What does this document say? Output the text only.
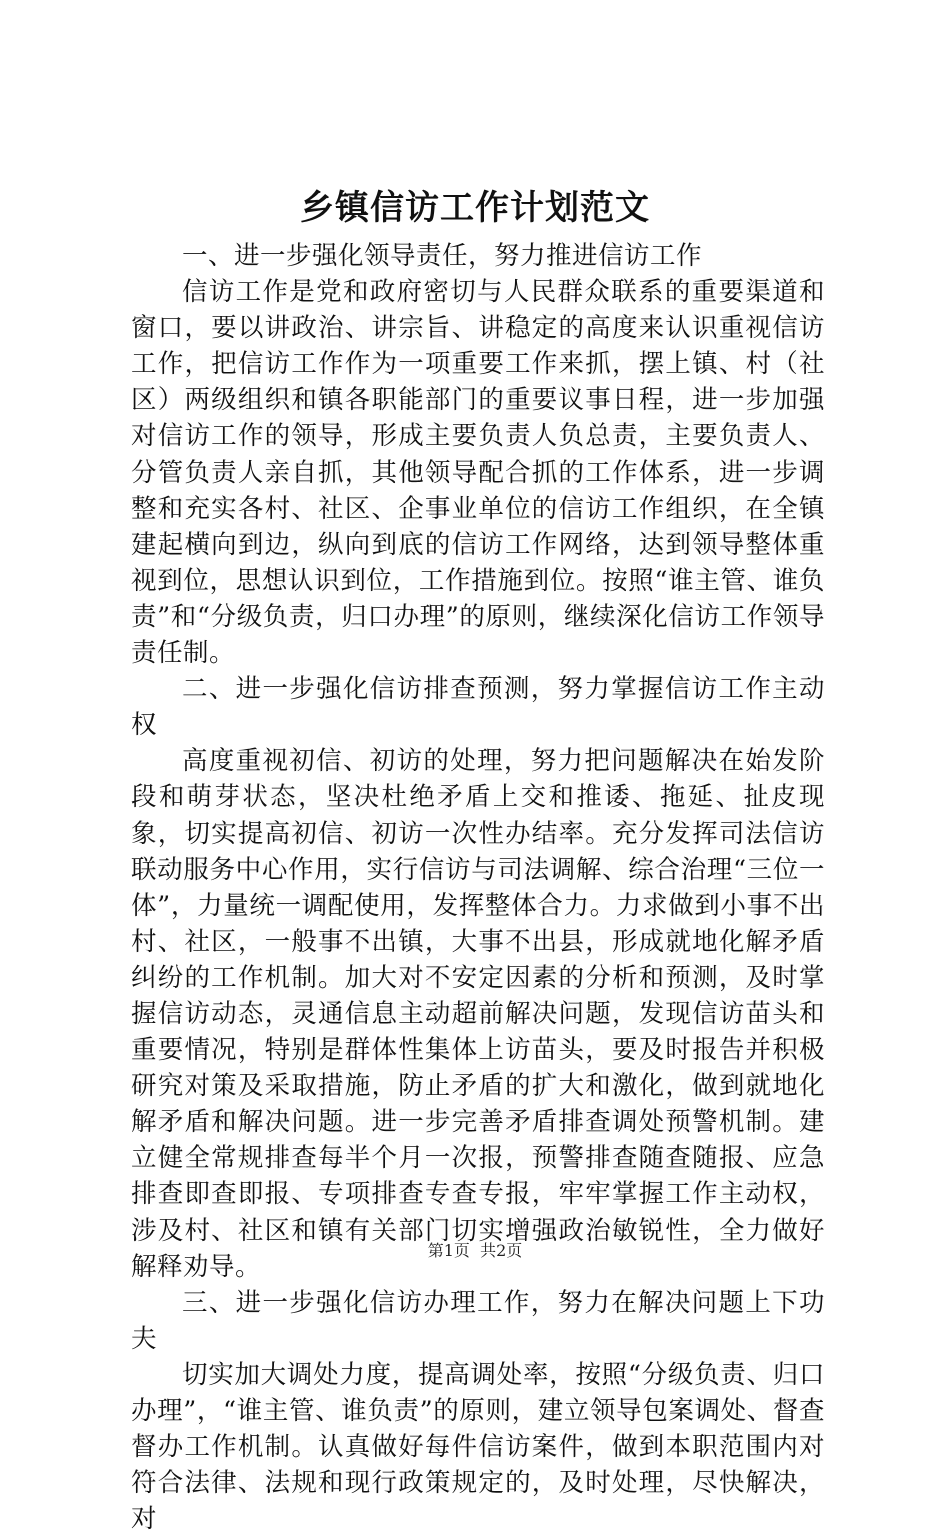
乡镇信访工作计划范文

一、进一步强化领导责任，努力推进信访工作

信访工作是党和政府密切与人民群众联系的重要渠道和窗口，要以讲政治、讲宗旨、讲稳定的高度来认识重视信访工作，把信访工作作为一项重要工作来抓，摆上镇、村（社区）两级组织和镇各职能部门的重要议事日程，进一步加强对信访工作的领导，形成主要负责人负总责，主要负责人、分管负责人亲自抓，其他领导配合抓的工作体系，进一步调整和充实各村、社区、企事业单位的信访工作组织，在全镇建起横向到边，纵向到底的信访工作网络，达到领导整体重视到位，思想认识到位，工作措施到位。按照“谁主管、谁负责”和“分级负责，归口办理”的原则，继续深化信访工作领导责任制。

二、进一步强化信访排查预测，努力掌握信访工作主动权

高度重视初信、初访的处理，努力把问题解决在始发阶段和萌芽状态，坚决杜绝矛盾上交和推诿、拖延、扯皮现象，切实提高初信、初访一次性办结率。充分发挥司法信访联动服务中心作用，实行信访与司法调解、综合治理“三位一体”，力量统一调配使用，发挥整体合力。力求做到小事不出村、社区，一般事不出镇，大事不出县，形成就地化解矛盾纠纷的工作机制。加大对不安定因素的分析和预测，及时掌握信访动态，灵通信息主动超前解决问题，发现信访苗头和重要情况，特别是群体性集体上访苗头，要及时报告并积极研究对策及采取措施，防止矛盾的扩大和激化，做到就地化解矛盾和解决问题。进一步完善矛盾排查调处预警机制。建立健全常规排查每半个月一次报，预警排查随查随报、应急排查即查即报、专项排查专查专报，牢牢掌握工作主动权，涉及村、社区和镇有关部门切实增强政治敏锐性，全力做好解释劝导。

三、进一步强化信访办理工作，努力在解决问题上下功夫

切实加大调处力度，提高调处率，按照“分级负责、归口办理”，“谁主管、谁负责”的原则，建立领导包案调处、督查督办工作机制。认真做好每件信访案件，做到本职范围内对符合法律、法规和现行政策规定的，及时处理，尽快解决，对

第1页  共2页
